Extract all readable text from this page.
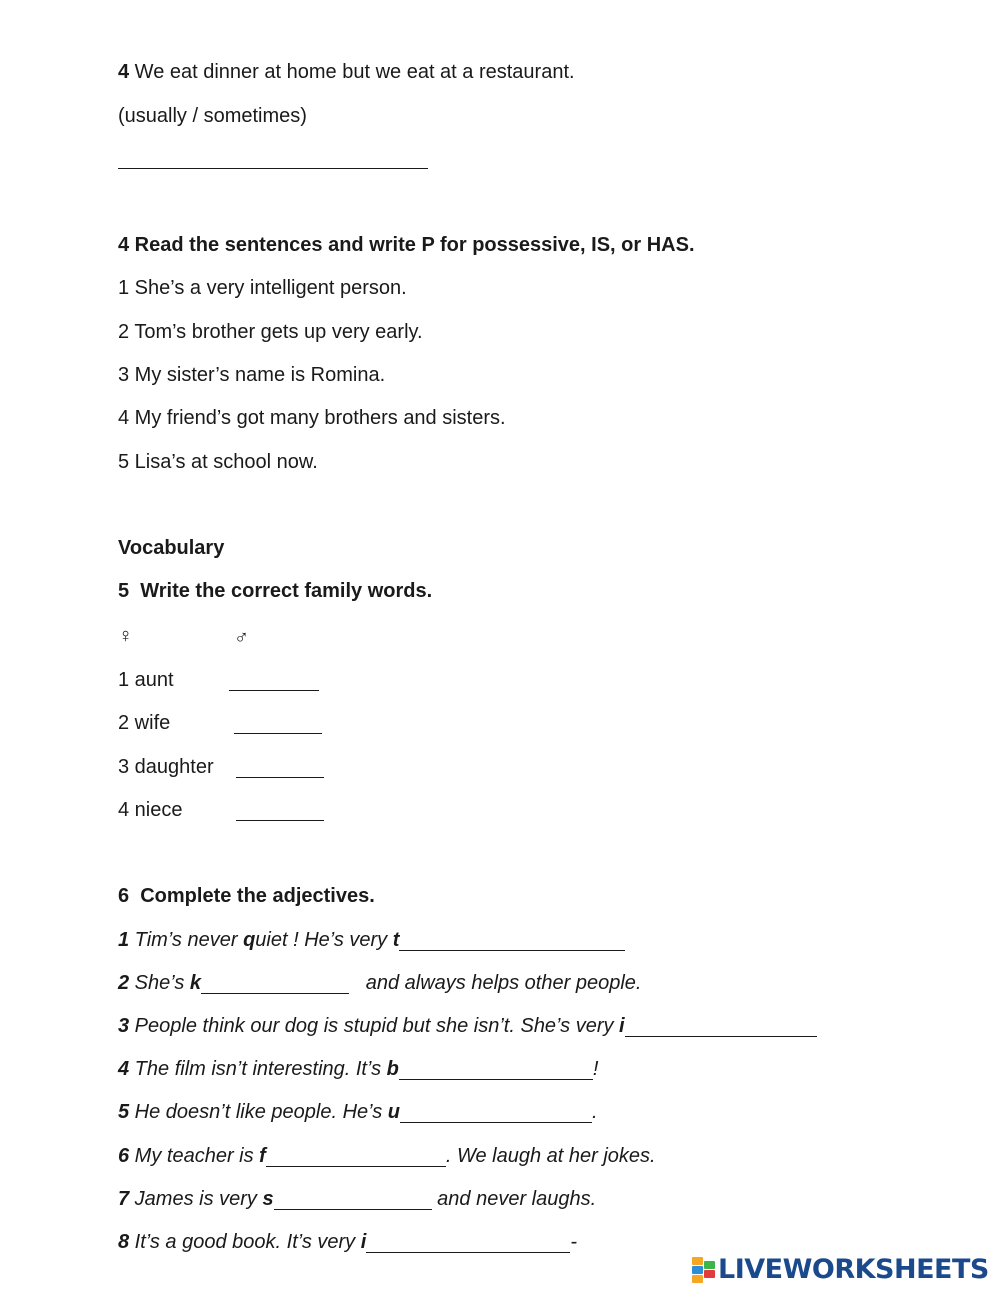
4 We eat dinner at home but we eat at a restaurant.
(usually / sometimes)
4 Read the sentences and write P for possessive, IS, or HAS.
1 She’s a very intelligent person.
2 Tom’s brother gets up very early.
3 My sister’s name is Romina.
4 My friend’s got many brothers and sisters.
5 Lisa’s at school now.
Vocabulary
5  Write the correct family words.
♀	♂
1 aunt
2 wife
3 daughter
4 niece
6  Complete the adjectives.
1 Tim’s never quiet ! He’s very t
2 She’s k	and always helps other people.
3 People think our dog is stupid but she isn’t. She’s very i
4 The film isn’t interesting. It’s b	!
5 He doesn’t like people. He’s u	.
6 My teacher is f	. We laugh at her jokes.
7 James is very s	and never laughs.
8 It’s a good book. It’s very i	-
LIVEWORKSHEETS
